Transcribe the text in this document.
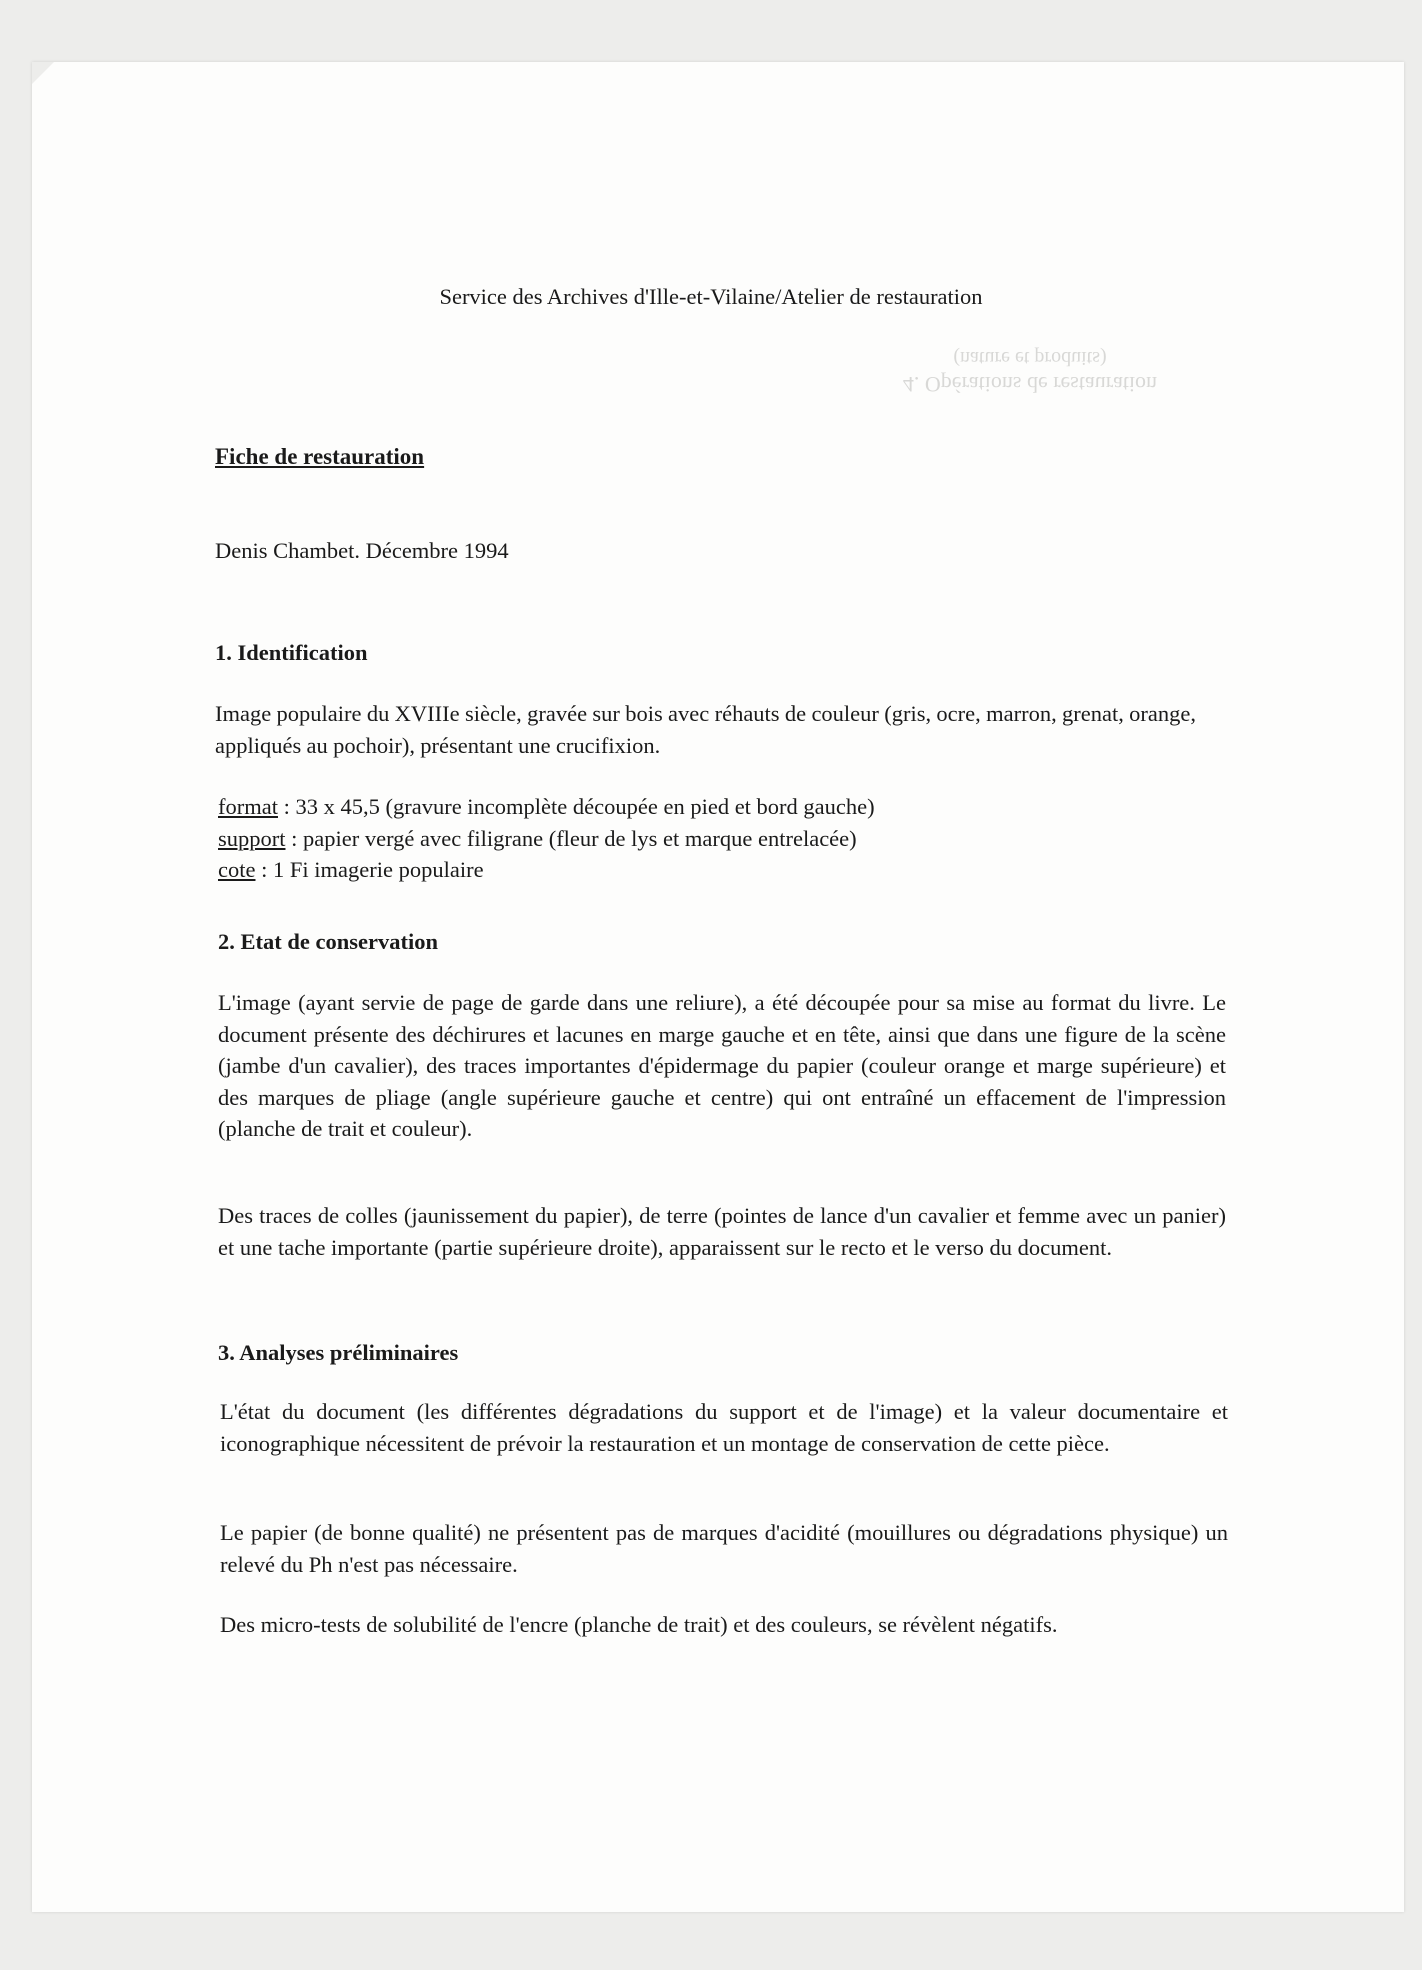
4. Opérations de restauration
(nature et produits)

Service des Archives d'Ille-et-Vilaine/Atelier de restauration

Fiche de restauration

Denis Chambet. Décembre 1994

1. Identification

Image populaire du XVIIIe siècle, gravée sur bois avec réhauts de couleur (gris, ocre, marron, grenat, orange, appliqués au pochoir), présentant une crucifixion.

format : 33 x 45,5 (gravure incomplète découpée en pied et bord gauche)
support : papier vergé avec filigrane (fleur de lys et marque entrelacée)
cote : 1 Fi imagerie populaire

2. Etat de conservation

L'image (ayant servie de page de garde dans une reliure), a été découpée pour sa mise au format du livre. Le document présente des déchirures et lacunes en marge gauche et en tête, ainsi que dans une figure de la scène (jambe d'un cavalier), des traces importantes d'épidermage du papier (couleur orange et marge supérieure) et des marques de pliage (angle supérieure gauche et centre) qui ont entraîné un effacement de l'impression (planche de trait et couleur).

Des traces de colles (jaunissement du papier), de terre (pointes de lance d'un cavalier et femme avec un panier) et une tache importante (partie supérieure droite), apparaissent sur le recto et le verso du document.

3. Analyses préliminaires

L'état du document (les différentes dégradations du support et de l'image) et la valeur documentaire et iconographique nécessitent de prévoir la restauration et un montage de conservation de cette pièce.

Le papier (de bonne qualité) ne présentent pas de marques d'acidité (mouillures ou dégradations physique) un relevé du Ph n'est pas nécessaire.

Des micro-tests de solubilité de l'encre (planche de trait) et des couleurs, se révèlent négatifs.
